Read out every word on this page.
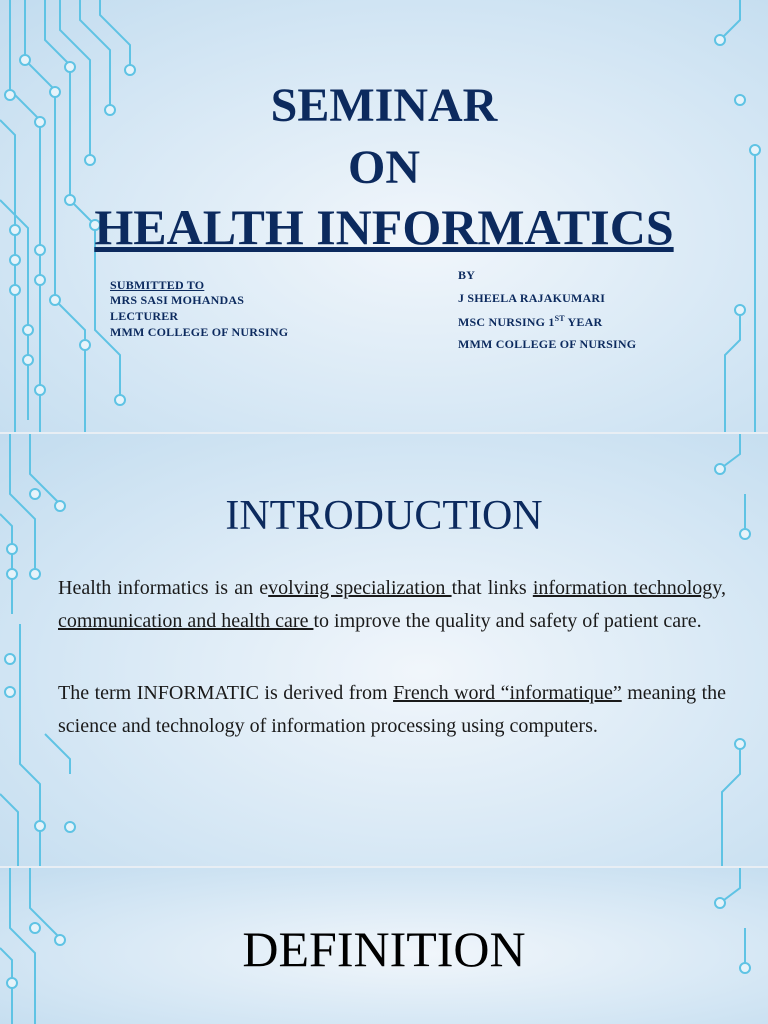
SEMINAR
ON
HEALTH INFORMATICS
SUBMITTED TO
MRS SASI MOHANDAS
LECTURER
MMM COLLEGE OF NURSING
BY
J SHEELA RAJAKUMARI
MSC NURSING 1ST YEAR
MMM COLLEGE OF NURSING
INTRODUCTION
Health informatics is an evolving specialization that links information technology, communication and health care to improve the quality and safety of patient care.
The term INFORMATIC is derived from French word “informatique” meaning the science and technology of information processing using computers.
DEFINITION
